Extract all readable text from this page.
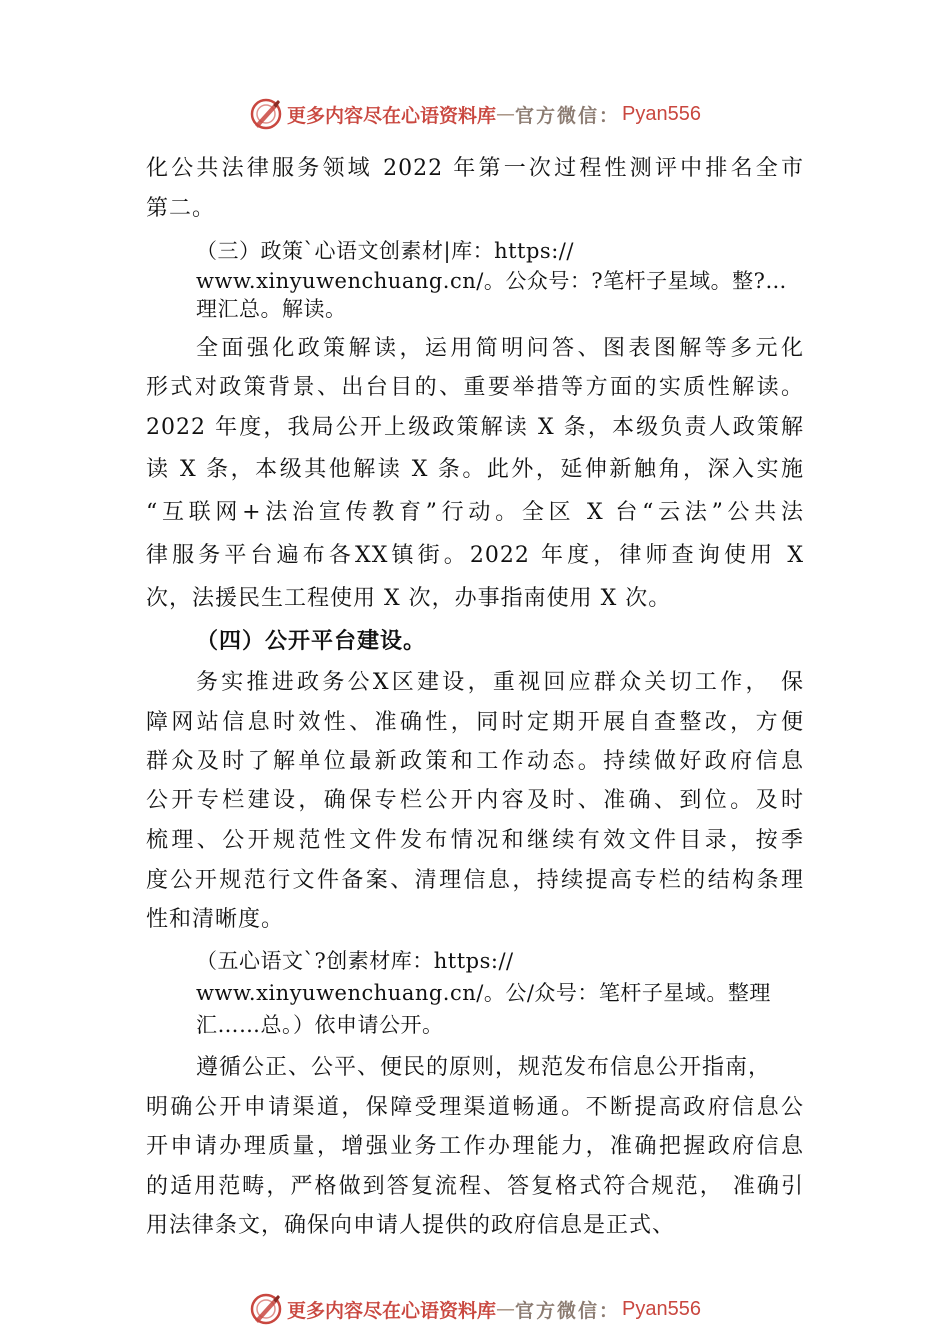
更多内容尽在心语资料库 — 官方微信： Pyan556
化公共法律服务领域 2022 年第一次过程性测评中排名全市
第二。
（三）政策`心语文创素材|库：https://
www.xinyuwenchuang.cn/。公众号：?笔杆子星域。整?…
理汇总。解读。
全面强化政策解读，运用简明问答、图表图解等多元化
形式对政策背景、出台目的、重要举措等方面的实质性解读。
2022 年度，我局公开上级政策解读 X 条，本级负责人政策解
读 X 条，本级其他解读 X 条。此外，延伸新触角，深入实施
“互联网+法治宣传教育”行动。全区 X 台“云法”公共法
律服务平台遍布各XX镇街。2022 年度，律师查询使用 X
次，法援民生工程使用 X 次，办事指南使用 X 次。
（四）公开平台建设。
务实推进政务公X区建设，重视回应群众关切工作， 保
障网站信息时效性、准确性，同时定期开展自查整改，方便
群众及时了解单位最新政策和工作动态。持续做好政府信息
公开专栏建设，确保专栏公开内容及时、准确、到位。及时
梳理、公开规范性文件发布情况和继续有效文件目录，按季
度公开规范行文件备案、清理信息，持续提高专栏的结构条理
性和清晰度。
（五心语文`?创素材库：https://
www.xinyuwenchuang.cn/。公/众号：笔杆子星域。整理
汇……总。）依申请公开。
遵循公正、公平、便民的原则，规范发布信息公开指南，
明确公开申请渠道，保障受理渠道畅通。不断提高政府信息公
开申请办理质量，增强业务工作办理能力，准确把握政府信息
的适用范畴，严格做到答复流程、答复格式符合规范， 准确引
用法律条文，确保向申请人提供的政府信息是正式、
更多内容尽在心语资料库 — 官方微信： Pyan556
